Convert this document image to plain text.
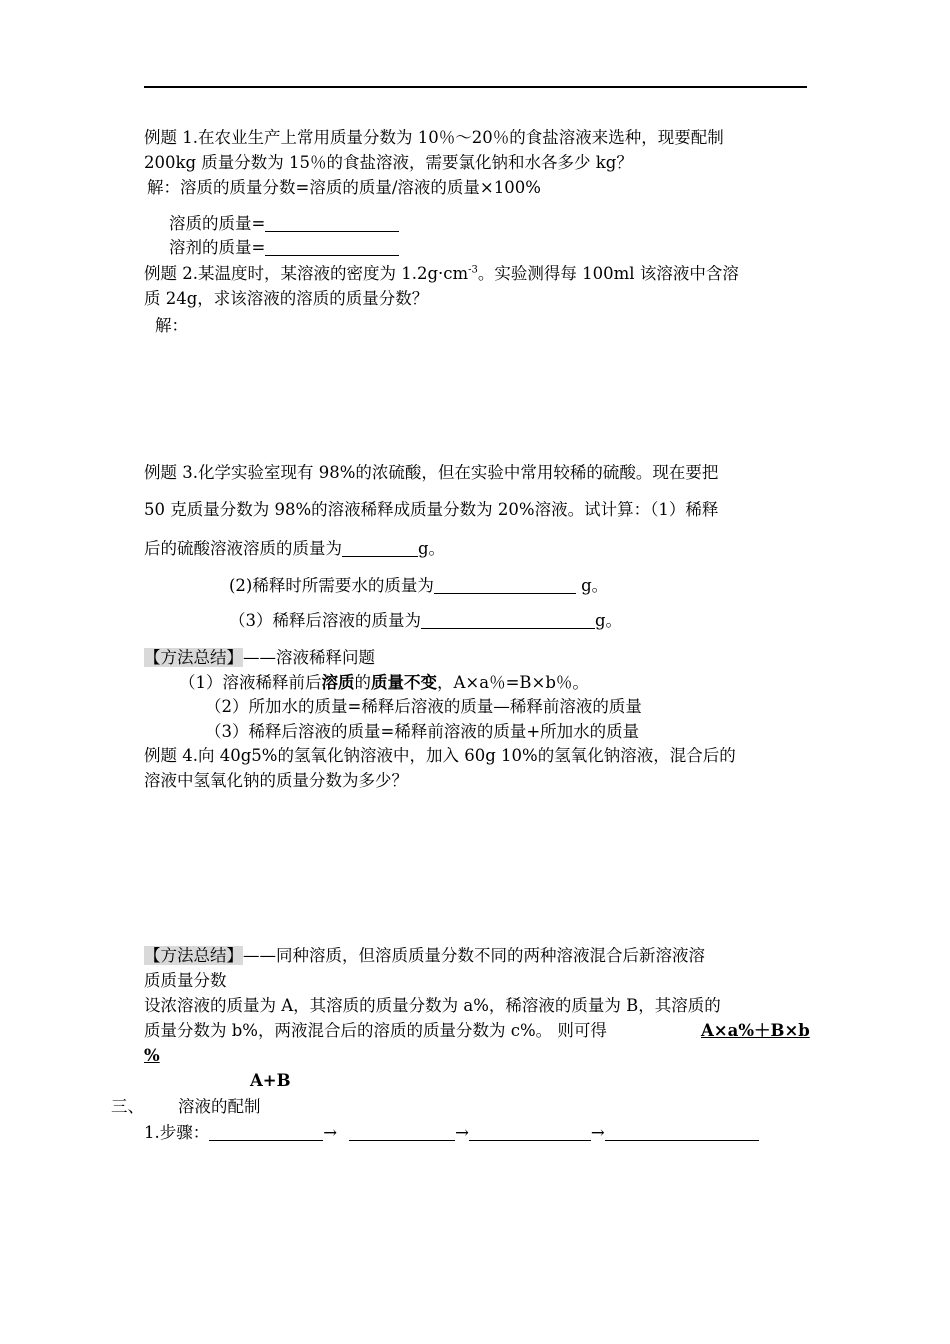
例题 1.在农业生产上常用质量分数为 10％～20％的食盐溶液来选种，现要配制
200kg 质量分数为 15％的食盐溶液，需要氯化钠和水各多少 kg？
解：溶质的质量分数=溶质的质量/溶液的质量×100%
溶质的质量=
溶剂的质量=
例题 2.某温度时，某溶液的密度为 $1.2g\cdot cm^{-3}$。实验测得每 100ml 该溶液中含溶
质 24g，求该溶液的溶质的质量分数？
解：
例题 3.化学实验室现有 98%的浓硫酸，但在实验中常用较稀的硫酸。现在要把
50 克质量分数为 98%的溶液稀释成质量分数为 20%溶液。试计算：（1）稀释
后的硫酸溶液溶质的质量为	g。
(2)稀释时所需要水的质量为	g。
（3）稀释后溶液的质量为	g。
【方法总结】——溶液稀释问题
（1）溶液稀释前后溶质的质量不变，A×a％=B×b％。
（2）所加水的质量=稀释后溶液的质量—稀释前溶液的质量
（3）稀释后溶液的质量=稀释前溶液的质量+所加水的质量
例题 4.向 40g5%的氢氧化钠溶液中，加入 60g 10%的氢氧化钠溶液，混合后的
溶液中氢氧化钠的质量分数为多少？
【方法总结】——同种溶质，但溶质质量分数不同的两种溶液混合后新溶液溶
质质量分数
设浓溶液的质量为 A，其溶质的质量分数为 a%，稀溶液的质量为 B，其溶质的
质量分数为 b%，两液混合后的溶质的质量分数为 c%。 则可得	A×a%＋B×b
%
A+B
三、 溶液的配制
1.步骤：	→	→	→
